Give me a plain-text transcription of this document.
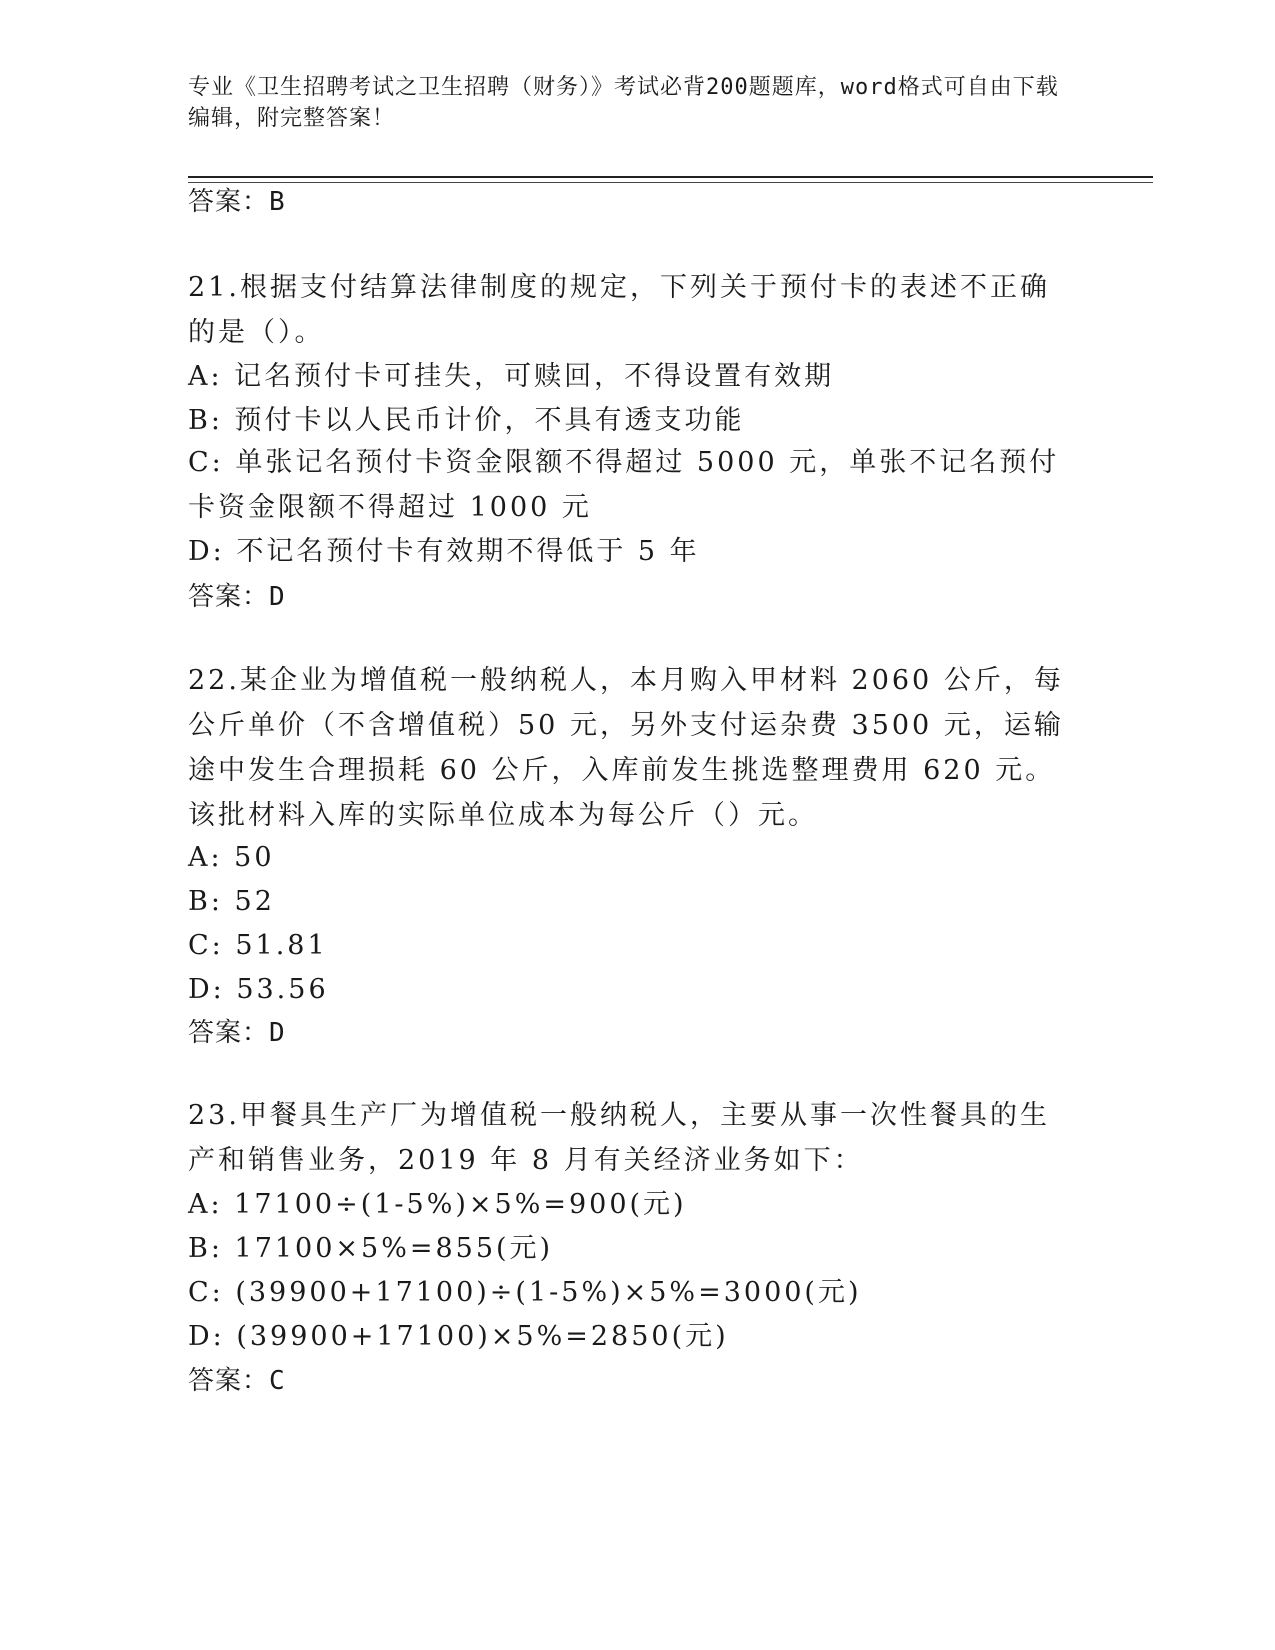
专业《卫生招聘考试之卫生招聘（财务）》考试必背200题题库，word格式可自由下载编辑，附完整答案！
答案：B
21.根据支付结算法律制度的规定，下列关于预付卡的表述不正确的是（）。
A: 记名预付卡可挂失，可赎回，不得设置有效期
B: 预付卡以人民币计价，不具有透支功能
C: 单张记名预付卡资金限额不得超过 5000 元，单张不记名预付卡资金限额不得超过 1000 元
D: 不记名预付卡有效期不得低于 5 年
答案：D
22.某企业为增值税一般纳税人，本月购入甲材料 2060 公斤，每公斤单价（不含增值税）50 元，另外支付运杂费 3500 元，运输途中发生合理损耗 60 公斤，入库前发生挑选整理费用 620 元。该批材料入库的实际单位成本为每公斤（）元。
A: 50
B: 52
C: 51.81
D: 53.56
答案：D
23.甲餐具生产厂为增值税一般纳税人，主要从事一次性餐具的生产和销售业务，2019 年 8 月有关经济业务如下：
A: 17100÷(1-5%)×5%=900(元)
B: 17100×5%=855(元)
C: (39900+17100)÷(1-5%)×5%=3000(元)
D: (39900+17100)×5%=2850(元)
答案：C
